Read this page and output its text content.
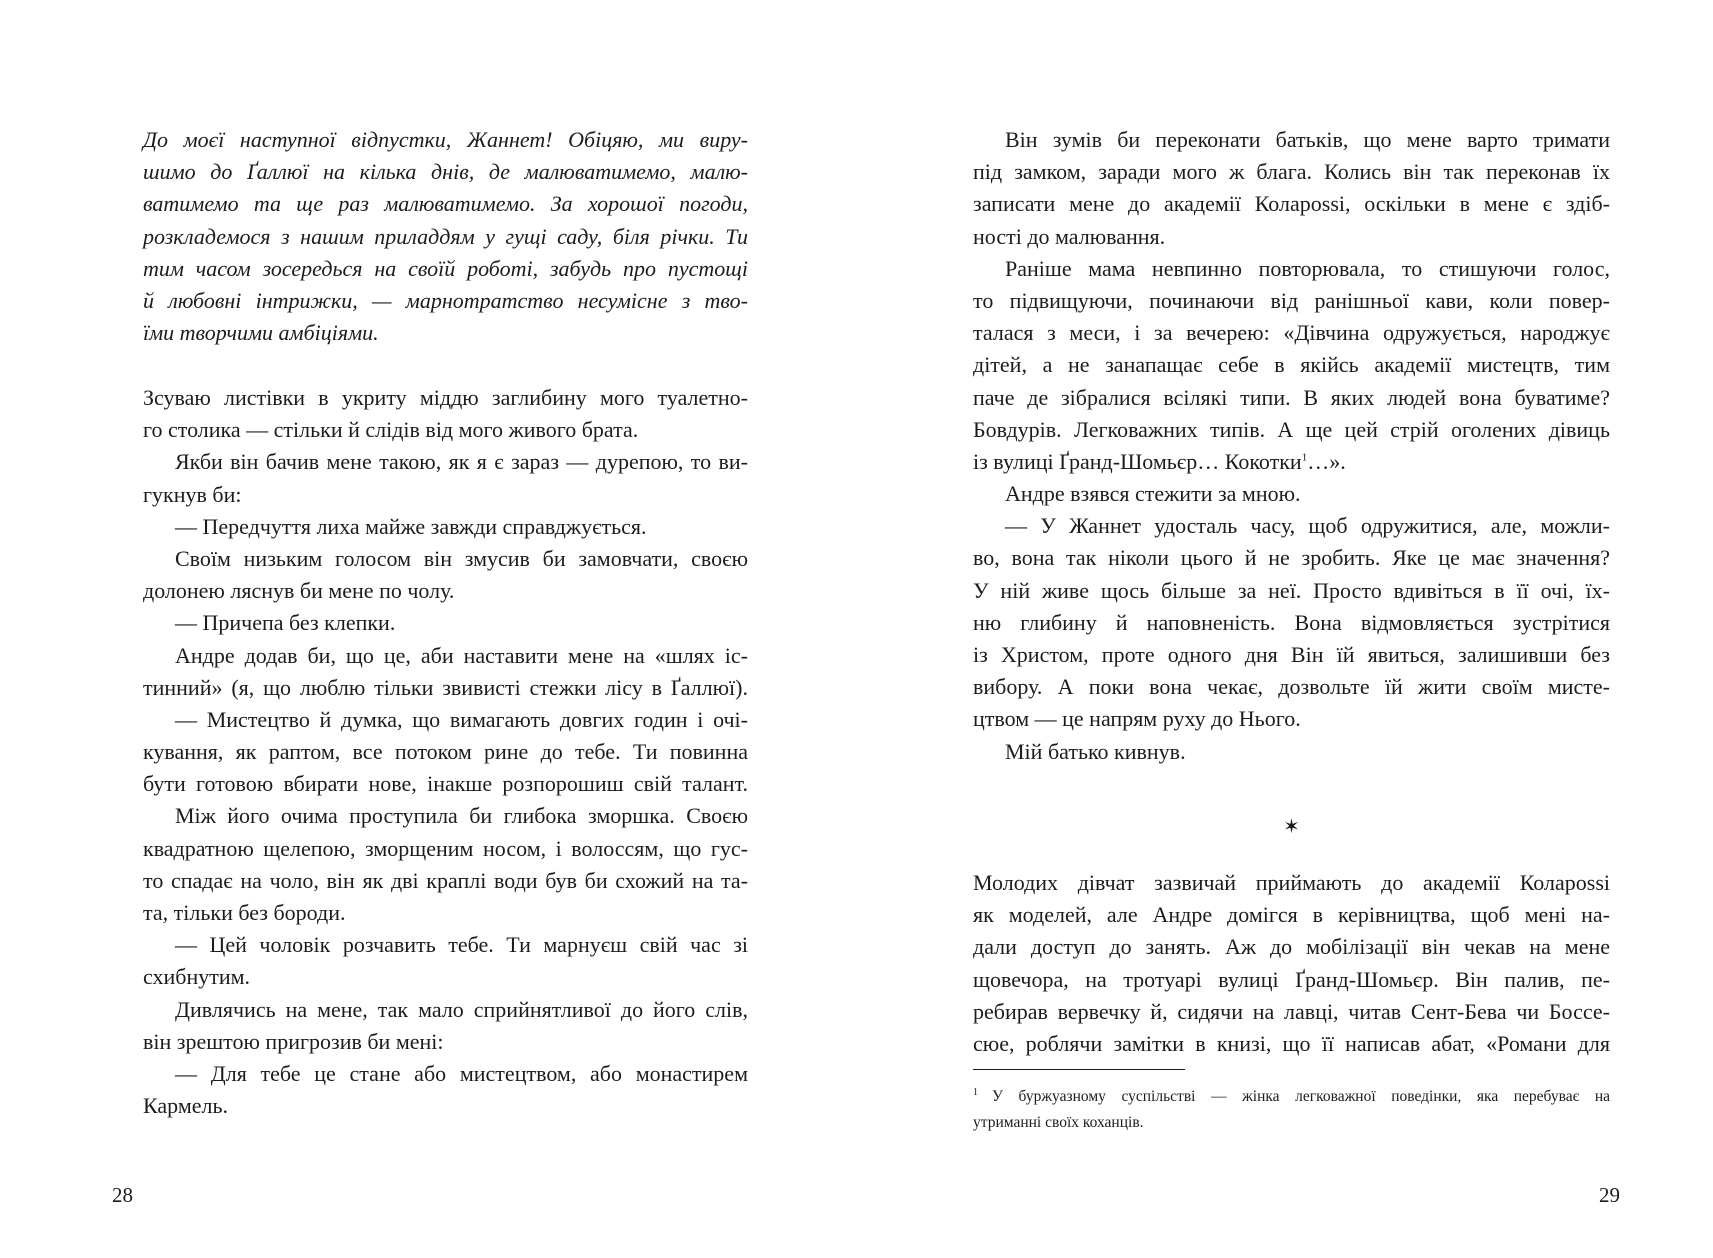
До моєї наступної відпустки, Жаннет! Обіцяю, ми виру-
шимо до Ґаллюї на кілька днів, де малюватимемо, малю-
ватимемо та ще раз малюватимемо. За хорошої погоди,
розкладемося з нашим приладдям у гущі саду, біля річки. Ти
тим часом зосередься на своїй роботі, забудь про пустощі
й любовні інтрижки, — марнотратство несумісне з тво-
їми творчими амбіціями.
Зсуваю листівки в укриту міддю заглибину мого туалетно-
го столика — стільки й слідів від мого живого брата.
Якби він бачив мене такою, як я є зараз — дурепою, то ви-
гукнув би:
— Передчуття лиха майже завжди справджується.
Своїм низьким голосом він змусив би замовчати, своєю
долонею ляснув би мене по чолу.
— Причепа без клепки.
Андре додав би, що це, аби наставити мене на «шлях іс-
тинний» (я, що люблю тільки звивисті стежки лісу в Ґаллюї).
— Мистецтво й думка, що вимагають довгих годин і очі-
кування, як раптом, все потоком рине до тебе. Ти повинна
бути готовою вбирати нове, інакше розпорошиш свій талант.
Між його очима проступила би глибока зморшка. Своєю
квадратною щелепою, зморщеним носом, і волоссям, що гус-
то спадає на чоло, він як дві краплі води був би схожий на та-
та, тільки без бороди.
— Цей чоловік розчавить тебе. Ти марнуєш свій час зі
схибнутим.
Дивлячись на мене, так мало сприйнятливої до його слів,
він зрештою пригрозив би мені:
— Для тебе це стане або мистецтвом, або монастирем
Кармель.
28
Він зумів би переконати батьків, що мене варто тримати
під замком, заради мого ж блага. Колись він так переконав їх
записати мене до академії Коларossі, оскільки в мене є здіб-
ності до малювання.
Раніше мама невпинно повторювала, то стишуючи голос,
то підвищуючи, починаючи від ранішньої кави, коли повер-
талася з меси, і за вечерею: «Дівчина одружується, народжує
дітей, а не занапащає себе в якійсь академії мистецтв, тим
паче де зібралися всілякі типи. В яких людей вона буватиме?
Бовдурів. Легковажних типів. А ще цей стрій оголених дівиць
із вулиці Ґранд-Шомьєр… Кокотки$^1$…».
Андре взявся стежити за мною.
— У Жаннет удосталь часу, щоб одружитися, але, можли-
во, вона так ніколи цього й не зробить. Яке це має значення?
У ній живе щось більше за неї. Просто вдивіться в її очі, їх-
ню глибину й наповненість. Вона відмовляється зустрітися
із Христом, проте одного дня Він їй явиться, залишивши без
вибору. А поки вона чекає, дозвольте їй жити своїм мисте-
цтвом — це напрям руху до Нього.
Мій батько кивнув.
✶
Молодих дівчат зазвичай приймають до академії Коларossі
як моделей, але Андре домігся в керівництва, щоб мені на-
дали доступ до занять. Аж до мобілізації він чекав на мене
щовечора, на тротуарі вулиці Ґранд-Шомьєр. Він палив, пе-
ребирав вервечку й, сидячи на лавці, читав Сент-Бева чи Боссе-
сюе, роблячи замітки в книзі, що її написав абат, «Романи для
$^1$ У буржуазному суспільстві — жінка легковажної поведінки, яка перебуває на
утриманні своїх коханців.
29
